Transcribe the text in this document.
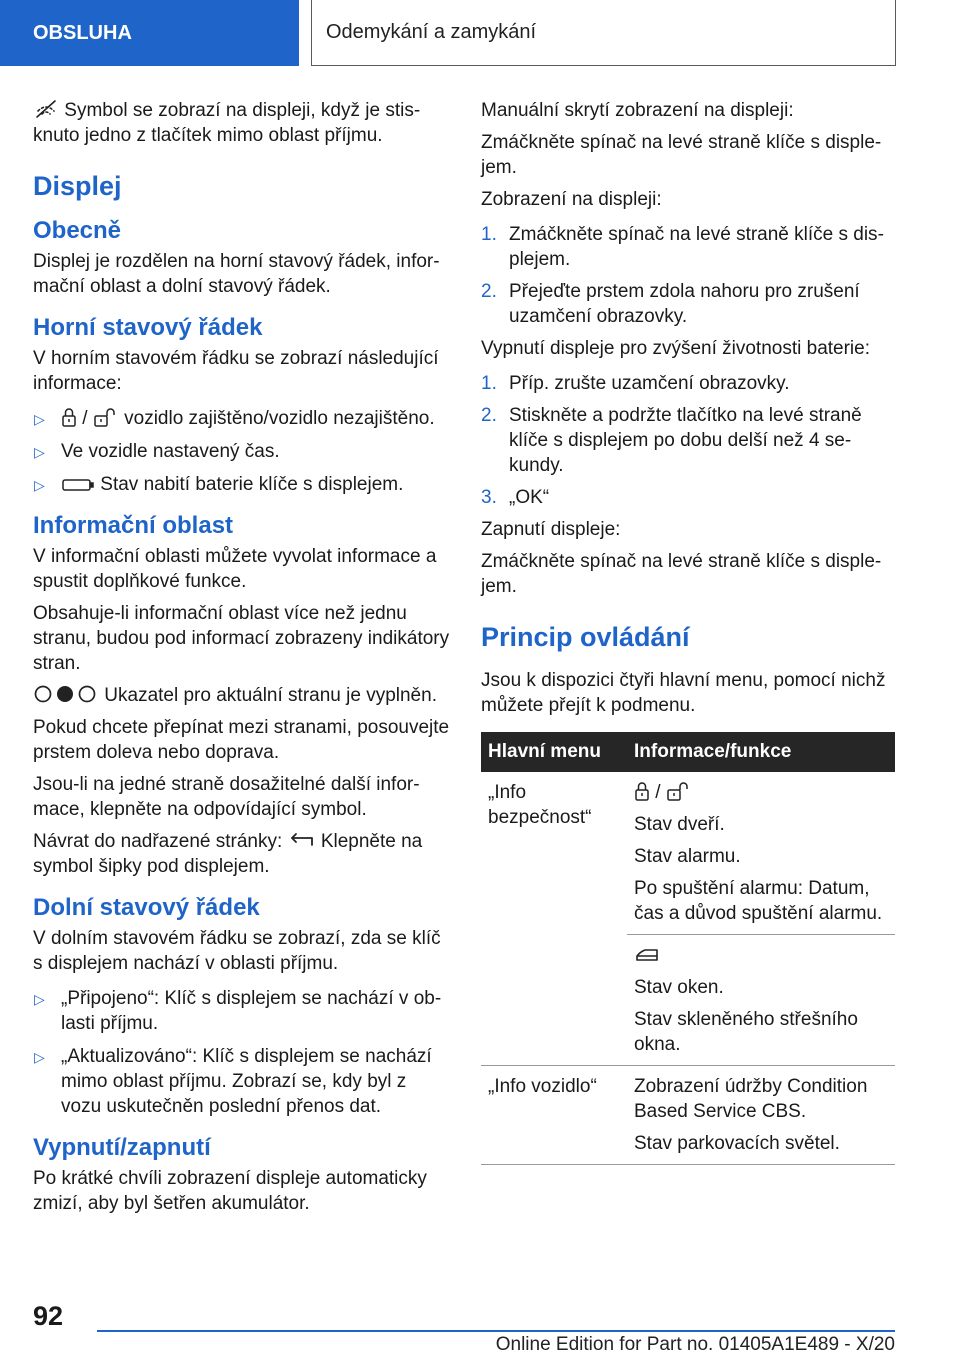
OBSLUHA	Odemykání a zamykání

Symbol se zobrazí na displeji, když je stisknuto jedno z tlačítek mimo oblast příjmu.

Displej
Obecně

Displej je rozdělen na horní stavový řádek, informační oblast a dolní stavový řádek.

Horní stavový řádek

V horním stavovém řádku se zobrazí následující informace:

▷ / vozidlo zajištěno/vozidlo nezajištěno.
▷ Ve vozidle nastavený čas.
▷	Stav nabití baterie klíče s displejem.
Informační oblast

V informační oblasti můžete vyvolat informace a spustit doplňkové funkce.

Obsahuje-li informační oblast více než jednu stranu, budou pod informací zobrazeny indikátory stran.

Ukazatel pro aktuální stranu je vyplněn.

Pokud chcete přepínat mezi stranami, posouvejte prstem doleva nebo doprava.

Jsou-li na jedné straně dosažitelné další informace, klepněte na odpovídající symbol.

Návrat do nadřazené stránky: Klepněte na symbol šipky pod displejem.

Dolní stavový řádek

V dolním stavovém řádku se zobrazí, zda se klíč s displejem nachází v oblasti příjmu.

▷ „Připojeno“: Klíč s displejem se nachází v oblasti příjmu.
▷ „Aktualizováno“: Klíč s displejem se nachází mimo oblast příjmu. Zobrazí se, kdy byl z vozu uskutečněn poslední přenos dat.
Vypnutí/zapnutí

Po krátké chvíli zobrazení displeje automaticky zmizí, aby byl šetřen akumulátor.

Manuální skrytí zobrazení na displeji:

Zmáčkněte spínač na levé straně klíče s displejem.

Zobrazení na displeji:

1. Zmáčkněte spínač na levé straně klíče s displejem.
2. Přejeďte prstem zdola nahoru pro zrušení uzamčení obrazovky.

Vypnutí displeje pro zvýšení životnosti baterie:

1. Příp. zrušte uzamčení obrazovky.
2. Stiskněte a podržte tlačítko na levé straně klíče s displejem po dobu delší než 4 sekundy.
3. „OK“

Zapnutí displeje:

Zmáčkněte spínač na levé straně klíče s displejem.

Princip ovládání

Jsou k dispozici čtyři hlavní menu, pomocí nichž můžete přejít k podmenu.

Hlavní menu	Informace/funkce

„Info bezpečnost“	/

Stav dveří.

Stav alarmu.

Po spuštění alarmu: Datum, čas a důvod spuštění alarmu.

	Stav oken.

Stav skleněného střešního okna.

„Info vozidlo“	Zobrazení údržby Condition Based Service CBS.

Stav parkovacích světel.

92
Online Edition for Part no. 01405A1E489 - X/20
